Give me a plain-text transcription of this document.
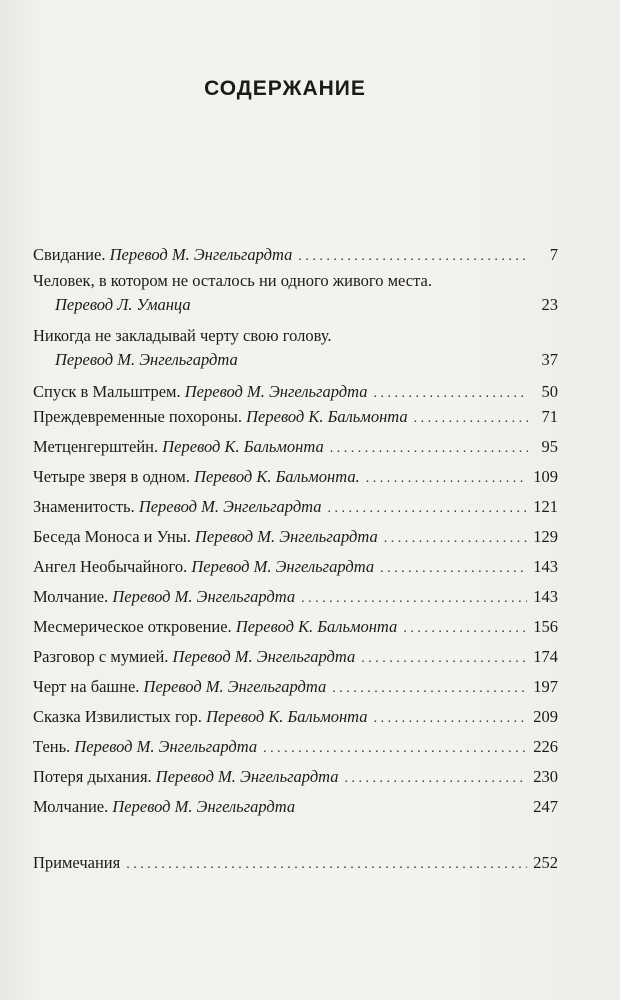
СОДЕРЖАНИЕ
Свидание. Перевод М. Энгельгардта . . .	7
Человек, в котором не осталось ни одного живого места.
Перевод Л. Уманца	23
Никогда не закладывай черту свою голову.
Перевод М. Энгельгардта	37
Спуск в Мальштрем. Перевод М. Энгельгардта . . .	50
Преждевременные похороны. Перевод К. Бальмонта . . .	71
Метценгерштейн. Перевод К. Бальмонта . . .	95
Четыре зверя в одном. Перевод К. Бальмонта. . . .	109
Знаменитость. Перевод М. Энгельгардта . . .	121
Беседа Моноса и Уны. Перевод М. Энгельгардта . . .	129
Ангел Необычайного. Перевод М. Энгельгардта . . .	143
Молчание. Перевод М. Энгельгардта . . .	143
Месмерическое откровение. Перевод К. Бальмонта . . .	156
Разговор с мумией. Перевод М. Энгельгардта . . .	174
Черт на башне. Перевод М. Энгельгардта . . .	197
Сказка Извилистых гор. Перевод К. Бальмонта . . .	209
Тень. Перевод М. Энгельгардта . . .	226
Потеря дыхания. Перевод М. Энгельгардта . . .	230
Молчание. Перевод М. Энгельгардта	247
Примечания . . .	252
